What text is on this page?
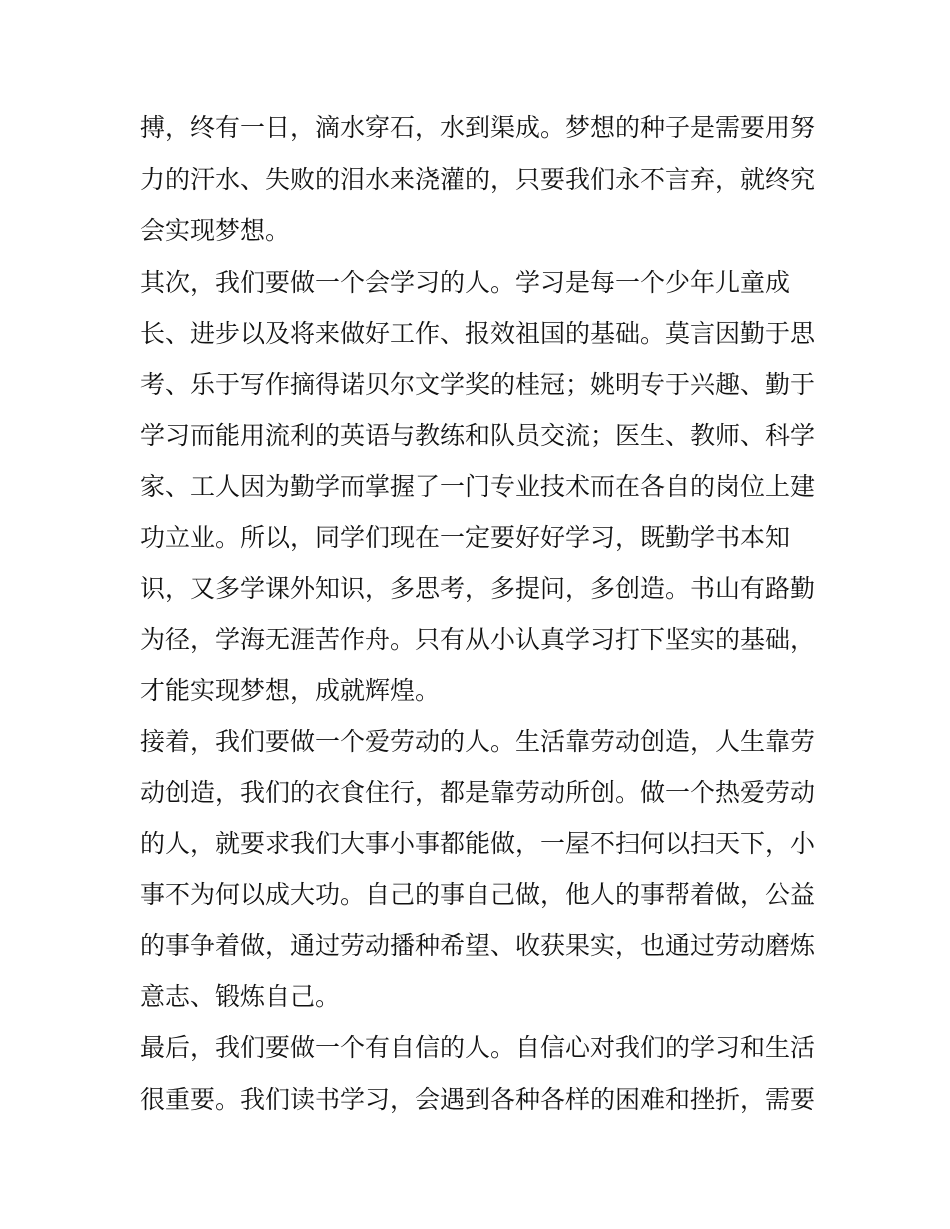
搏，终有一日，滴水穿石，水到渠成。梦想的种子是需要用努
力的汗水、失败的泪水来浇灌的，只要我们永不言弃，就终究
会实现梦想。
其次，我们要做一个会学习的人。学习是每一个少年儿童成
长、进步以及将来做好工作、报效祖国的基础。莫言因勤于思
考、乐于写作摘得诺贝尔文学奖的桂冠；姚明专于兴趣、勤于
学习而能用流利的英语与教练和队员交流；医生、教师、科学
家、工人因为勤学而掌握了一门专业技术而在各自的岗位上建
功立业。所以，同学们现在一定要好好学习，既勤学书本知
识，又多学课外知识，多思考，多提问，多创造。书山有路勤
为径，学海无涯苦作舟。只有从小认真学习打下坚实的基础，
才能实现梦想，成就辉煌。
接着，我们要做一个爱劳动的人。生活靠劳动创造，人生靠劳
动创造，我们的衣食住行，都是靠劳动所创。做一个热爱劳动
的人，就要求我们大事小事都能做，一屋不扫何以扫天下，小
事不为何以成大功。自己的事自己做，他人的事帮着做，公益
的事争着做，通过劳动播种希望、收获果实，也通过劳动磨炼
意志、锻炼自己。
最后，我们要做一个有自信的人。自信心对我们的学习和生活
很重要。我们读书学习，会遇到各种各样的困难和挫折，需要
